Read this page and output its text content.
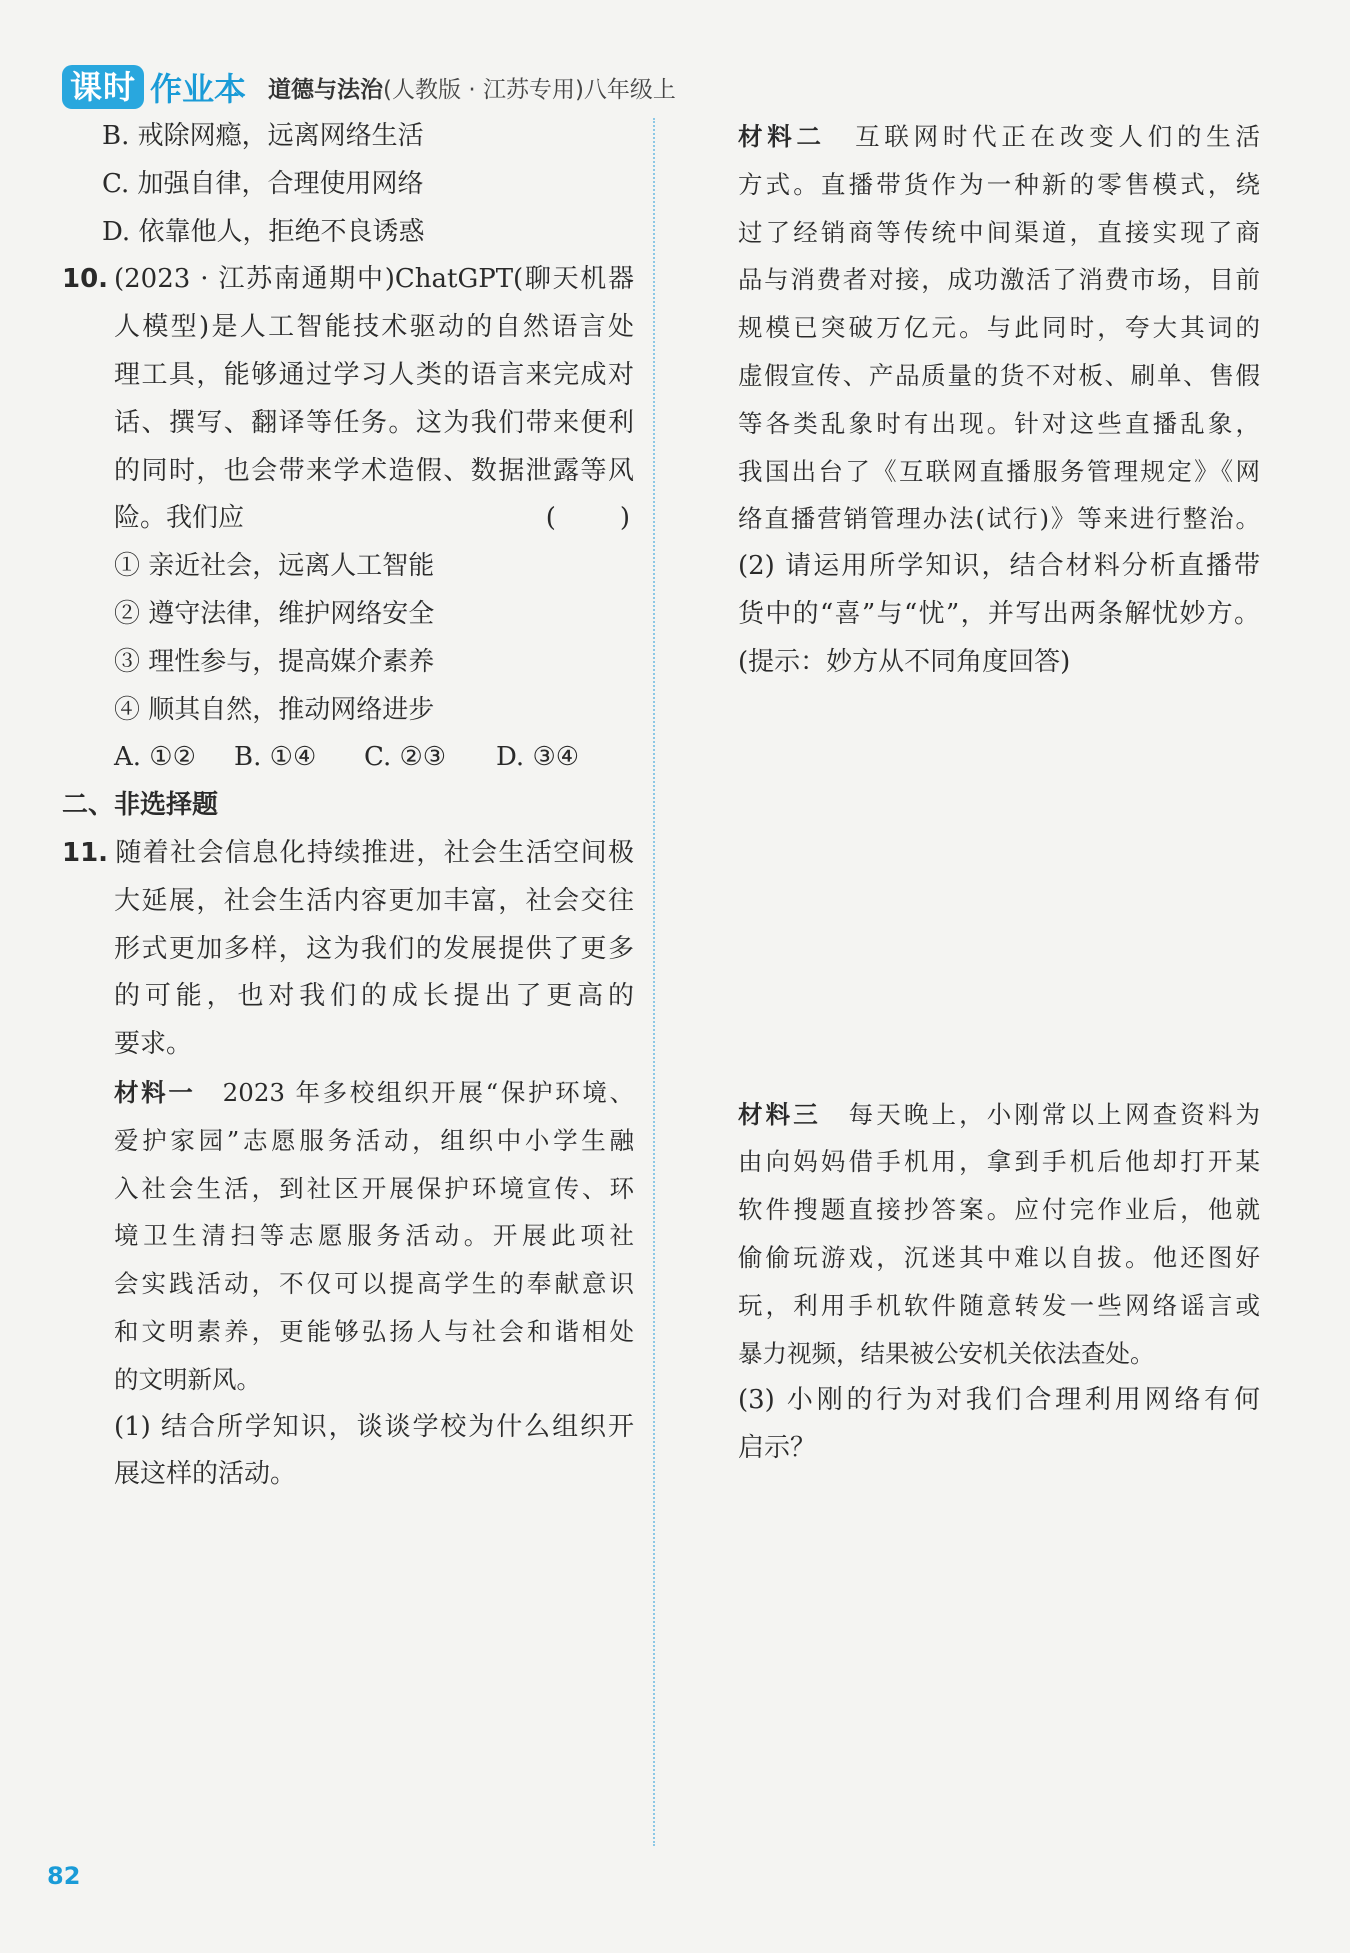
课时 作业本 道德与法治 (人教版 · 江苏专用)八年级上
B. 戒除网瘾，远离网络生活
C. 加强自律，合理使用网络
D. 依靠他人，拒绝不良诱惑
10. (2023 · 江苏南通期中)ChatGPT(聊天机器
人模型)是人工智能技术驱动的自然语言处
理工具，能够通过学习人类的语言来完成对
话、撰写、翻译等任务。这为我们带来便利
的同时，也会带来学术造假、数据泄露等风
险。我们应	(　　)
① 亲近社会，远离人工智能
② 遵守法律，维护网络安全
③ 理性参与，提高媒介素养
④ 顺其自然，推动网络进步
A. ①② B. ①④ C. ②③ D. ③④
二、非选择题
11. 随着社会信息化持续推进，社会生活空间极
大延展，社会生活内容更加丰富，社会交往
形式更加多样，这为我们的发展提供了更多
的可能，也对我们的成长提出了更高的
要求。
材料一　 2023 年多校组织开展“保护环境、
爱护家园”志愿服务活动，组织中小学生融
入社会生活，到社区开展保护环境宣传、环
境卫生清扫等志愿服务活动。开展此项社
会实践活动，不仅可以提高学生的奉献意识
和文明素养，更能够弘扬人与社会和谐相处
的文明新风。
(1) 结合所学知识，谈谈学校为什么组织开
展这样的活动。
材料二　 互联网时代正在改变人们的生活
方式。直播带货作为一种新的零售模式，绕
过了经销商等传统中间渠道，直接实现了商
品与消费者对接，成功激活了消费市场，目前
规模已突破万亿元。与此同时，夸大其词的
虚假宣传、产品质量的货不对板、刷单、售假
等各类乱象时有出现。针对这些直播乱象，
我国出台了《互联网直播服务管理规定》《网
络直播营销管理办法(试行)》等来进行整治。
(2) 请运用所学知识，结合材料分析直播带
货中的“喜”与“忧”，并写出两条解忧妙方。
(提示：妙方从不同角度回答)
材料三　 每天晚上，小刚常以上网查资料为
由向妈妈借手机用，拿到手机后他却打开某
软件搜题直接抄答案。应付完作业后，他就
偷偷玩游戏，沉迷其中难以自拔。他还图好
玩，利用手机软件随意转发一些网络谣言或
暴力视频，结果被公安机关依法查处。
(3) 小刚的行为对我们合理利用网络有何
启示？
82
